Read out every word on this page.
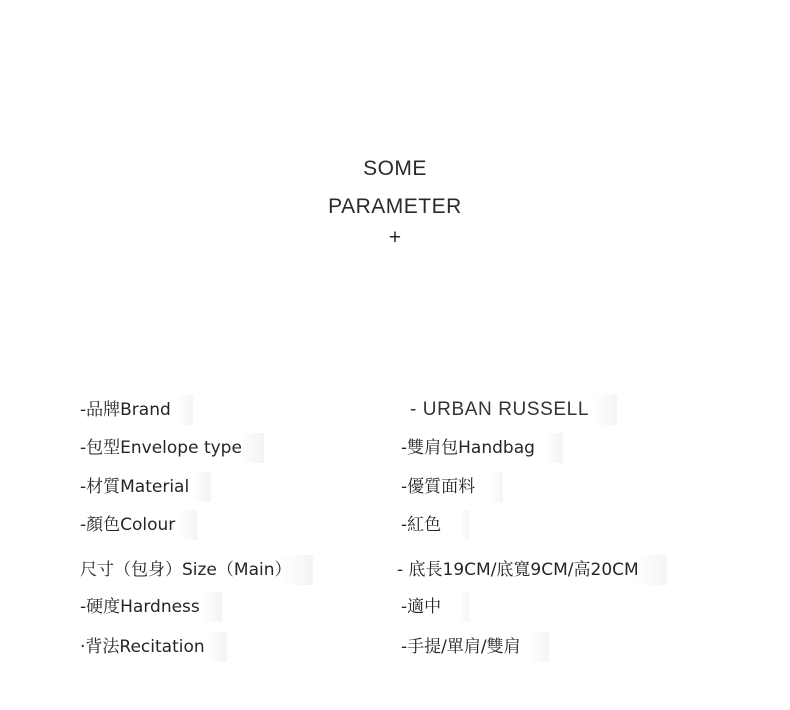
SOME
PARAMETER
+
-品牌Brand	- URBAN RUSSELL
-包型Envelope type	-雙肩包Handbag
-材質Material	-優質面料
-顏色Colour	-紅色
尺寸（包身）Size（Main）	- 底長19CM/底寬9CM/高20CM
-硬度Hardness	-適中
·背法Recitation	-手提/單肩/雙肩
